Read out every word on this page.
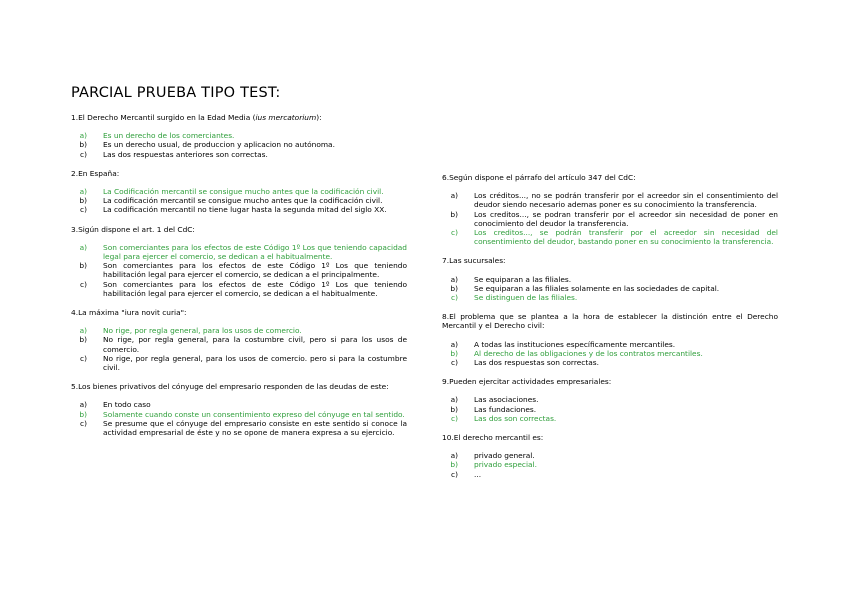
PARCIAL PRUEBA TIPO TEST:
1.El Derecho Mercantil surgido en la Edad Media (ius mercatorium):
a)	Es un derecho de los comerciantes.
b)	Es un derecho usual, de produccion y aplicacion no autónoma.
c)	Las dos respuestas anteriores son correctas.
2.En España:
a)	La Codificación mercantil se consigue mucho antes que la codificación civil.
b)	La codificación mercantil se consigue mucho antes que la codificación civil.
c)	La codificación mercantil no tiene lugar hasta la segunda mitad del siglo XX.
3.Sigún dispone el art. 1 del CdC:
a)	Son comerciantes para los efectos de este Código 1º Los que teniendo capacidad legal para ejercer el comercio, se dedican a el habitualmente.
b)	Son comerciantes para los efectos de este Código 1º Los que teniendo habilitación legal para ejercer el comercio, se dedican a el principalmente.
c)	Son comerciantes para los efectos de este Código 1º Los que teniendo habilitación legal para ejercer el comercio, se dedican a el habitualmente.
4.La máxima "iura novit curia":
a)	No rige, por regla general, para los usos de comercio.
b)	No rige, por regla general, para la costumbre civil, pero si para los usos de comercio.
c)	No rige, por regla general, para los usos de comercio. pero si para la costumbre civil.
5.Los bienes privativos del cónyuge del empresario responden de las deudas de este:
a)	En todo caso
b)	Solamente cuando conste un consentimiento expreso del cónyuge en tal sentido.
c)	Se presume que el cónyuge del empresario consiste en este sentido si conoce la actividad empresarial de éste y no se opone de manera expresa a su ejercicio.
6.Según dispone el párrafo del artículo 347 del CdC:
a)	Los créditos..., no se podrán transferir por el acreedor sin el consentimiento del deudor siendo necesario ademas poner es su conocimiento la transferencia.
b)	Los creditos..., se podran transferir por el acreedor sin necesidad de poner en conocimiento del deudor la transferencia.
c)	Los creditos..., se podrán transferir por el acreedor sin necesidad del consentimiento del deudor, bastando poner en su conocimiento la transferencia.
7.Las sucursales:
a)	Se equiparan a las filiales.
b)	Se equiparan a las filiales solamente en las sociedades de capital.
c)	Se distinguen de las filiales.
8.El problema que se plantea a la hora de establecer la distinción entre el Derecho Mercantil y el Derecho civil:
a)	A todas las instituciones específicamente mercantiles.
b)	Al derecho de las obligaciones y de los contratos mercantiles.
c)	Las dos respuestas son correctas.
9.Pueden ejercitar actividades empresariales:
a)	Las asociaciones.
b)	Las fundaciones.
c)	Las dos son correctas.
10.El derecho mercantil es:
a)	privado general.
b)	privado especial.
c)	...
